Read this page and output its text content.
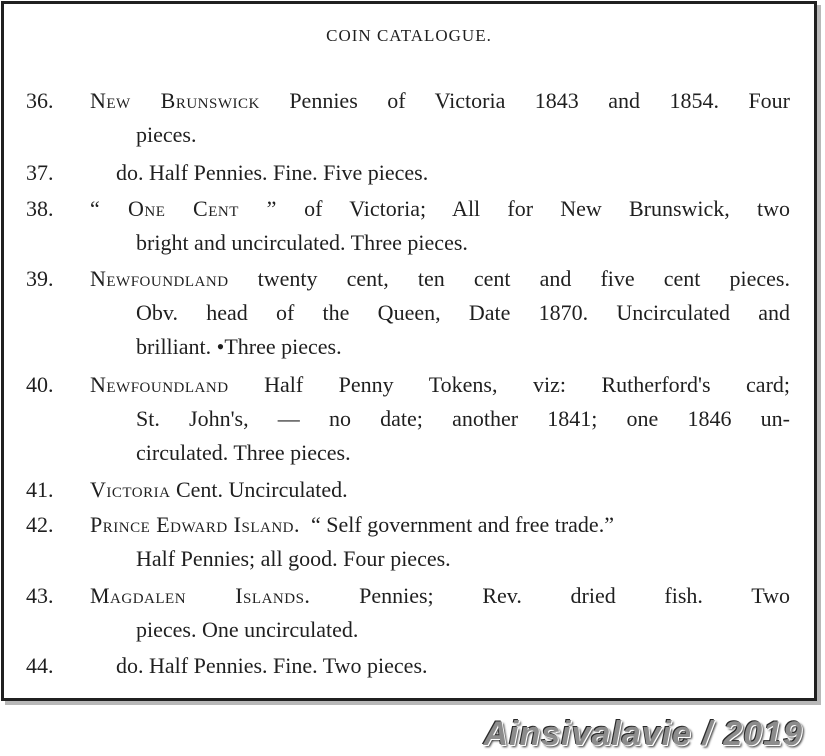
COIN CATALOGUE.
36. New Brunswick Pennies of Victoria 1843 and 1854. Four
pieces.
37.	do. Half Pennies. Fine. Five pieces.
38. “ One Cent ” of Victoria; All for New Brunswick, two
bright and uncirculated. Three pieces.
39. Newfoundland twenty cent, ten cent and five cent pieces.
Obv. head of the Queen, Date 1870. Uncirculated and
brilliant. •Three pieces.
40. Newfoundland Half Penny Tokens, viz: Rutherford's card;
St. John's, — no date; another 1841; one 1846 un-
circulated. Three pieces.
41. Victoria Cent. Uncirculated.
42. Prince Edward Island. “ Self government and free trade.”
Half Pennies; all good. Four pieces.
43. Magdalen Islands. Pennies; Rev. dried fish. Two
pieces. One uncirculated.
44.	do. Half Pennies. Fine. Two pieces.
Ainsivalavie / 2019
